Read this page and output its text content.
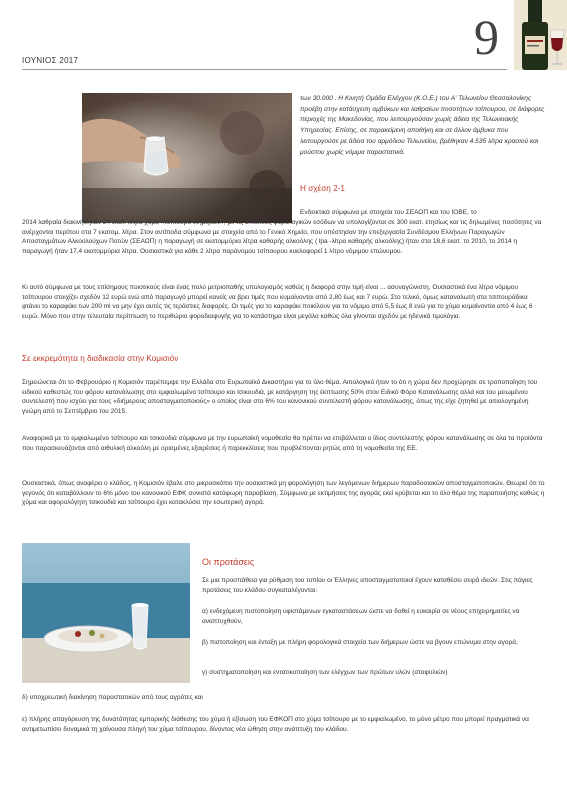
ΙΟΥΝΙΟΣ 2017	9
των 30.000 . Η Κινητή Ομάδα Ελέγχου (Κ.Ο.Ε.) του Α' Τελωνείου Θεσσαλονίκης προέβη στην κατάσχεση αμβύκων και λαθραίων ποσοτήτων τσίπουρου, σε διάφορες περιοχές της Μακεδονίας, που λειτουργούσαν χωρίς άδεια της Τελωνειακής Υπηρεσίας. Επίσης, σε παρακείμενη αποθήκη και σε άλλον άμβυκα που λειτουργούσε με άδεια του αρμόδιου Τελωνείου, βρέθηκαν 4.535 λίτρα κρασιού και μούστου χωρίς νόμιμα παραστατικά.
Η σχέση 2-1

Ενδεικτικά σύμφωνα με στοιχεία του ΣΕΑΟΠ και του ΙΟΒΕ, το

2014 λαθραία διακινήθηκαν 24 εκατ. λίτρα χύμα «τσίπουρο διημέρων», με τις απώλειες φορολογικών εσόδων να υπολογίζονται σε 300 εκατ. ετησίως και τις δηλωμένες ποσότητες να ανέρχονται περίπου στα 7 εκατομ. λίτρα. Στον αντίποδα σύμφωνα με στοιχεία από το Γενικό Χημείο, που υπέστησαν την επεξεργασία Συνδέσμου Ελλήνων Παραγωγών Αποσταγμάτων Αλκοολούχων Ποτών (ΣΕΑΟΠ) η παραγωγή σε εκατομμύρια λίτρα καθαρής αλκοόλης ( lpa -λίτρα καθαρής αλκοόλης) ήταν στα 18,6 εκατ. το 2010, το 2014 η παραγωγή ήταν 17,4 εκατομμύρια λίτρα. Ουσιαστικά για κάθε 2 λίτρα παράνομου τσίπουρου κυκλοφορεί 1 λίτρο νόμιμου επώνυμου.

Κι αυτό σύμφωνα με τους επίσημους ποιοτικούς είναι ένας πολύ μετριοπαθής υπολογισμός καθώς η διαφορά στην τιμή είναι ... ασυναγώνιστη. Ουσιαστικά ένα λίτρο νόμιμου τσίπουρου στοιχίζει σχεδόν 12 ευρώ ενώ από παραγωγό μπορεί κανείς να βρει τιμές που κυμαίνονται από 2,80 έως και 7 ευρώ. Στο τελικό, όμως καταναλωτή στα τσιπουράδικα φτάνει το καραφάκι των 200 ml να μην έχει αυτές τις τεράστιες διαφορές. Οι τιμές για το καραφάκι ποικίλουν για το νόμιμο από 5,5 έως 8 ενώ για το χύμα κυμαίνονται από 4 έως 6 ευρώ. Μόνο που στην τελευταία περίπτωση το περιθώριο φοροδιαφυγής για το κατάστημα είναι μεγάλα καθώς όλα γίνονται σχεδόν με ηδενικά τιμολόγια.

Σε εκκρεμότητα η διαδικασία στην Κομισιόν

Σημειώνεται ότι το Φεβρουάριο η Κομισιόν παρέπεμψε την Ελλάδα στο Ευρωπαϊκό Δικαστήριο για το όλο θέμα. Αιτιολογικό ήταν το ότι η χώρα δεν προχώρησε σε τροποποίηση του ειδικού καθεστώς του φόρου κατανάλωσης στο εμφιαλωμένο τσίπουρο και τσικουδιά, με κατάργηση της έκπτωσης 50% στον Ειδικό Φόρο Κατανάλωσης αλλά και του μειωμένου συντελεστή που ισχύει για τους «διήμερους αποσταγματοποιούς» ο οποίος είναι στο 6% του κανονικού συντελεστή φόρου κατανάλωσης, όπως της είχε ζητηθεί με αιτιολογημένη γνώμη από το Σεπτέμβριο του 2015.

Αναφορικά με το εμφιαλωμένο τσίπουρο και τσικουδιά σύμφωνα με την ευρωπαϊκή νομοθεσία θα πρέπει να επιβάλλεται ο ίδιος συντελεστής φόρου κατανάλωσης σε όλα τα προϊόντα που παρασκευάζονται από αιθυλική αλκοόλη με ορισμένες εξαιρέσεις ή παρεκκλίσεις που προβλέπονται ρητώς από τη νομοθεσία της ΕΕ.

Ουσιαστικά, όπως αναφέρει ο κλάδος, η Κομισιόν έβαλε στο μικροσκόπιο την ουσιαστικά μη φορολόγηση των λεγόμενων διήμερων παραδοσιακών αποσταγματοποιών. Θεωρεί ότι το γεγονός ότι καταβάλλουν το 6% μόνο του κανονικού ΕΦΚ συνιστά κατάφωρη παραβίαση. Σύμφωνα με εκτιμήσεις της αγοράς εκεί κρύβεται και το όλο θέμα της παραποιήσης καθώς η χύμα και αφορολόγητη τσικουδιά και τσίπουρο έχει κατακλύσει την εσωτερική αγορά.

Οι προτάσεις

Σε μια προσπάθεια για ρύθμιση του τοπίου οι Έλληνες αποσταγματοποιοί έχουν καταθέσει σειρά ιδεών. Στις πάγιες προτάσεις του κλάδου συγκαταλέγονται:

α) ενδεχόμενη πιστοποίηση υφιστάμενων εγκαταστάσεων ώστε να δοθεί η ευκαιρία σε νέους επιχειρηματίες να αναπτυχθούν,

β) πιστοποίηση και ένταξη με πλήρη φορολογικά στοιχεία των διήμερων ώστε να βγουν επώνυμα στην αγορά,

γ) συστηματοποίηση και εντατικοποίηση των ελέγχων των πρώτων υλών (σταφυλιών)

δ) υποχρεωτική διακίνηση παραστατικών από τους αγρότες και

ε) πλήρης απαγόρευση της δυνατότητας εμπορικής διάθεσης του χύμα ή εξίσωση του ΕΦΚΟΠ στο χύμα τσίπουρο με το εμφιαλωμένο, το μόνο μέτρο που μπορεί πραγματικά να αντιμετωπίσει δυναμικά τη χαίνουσα πληγή του χύμα τσίπουρου, δίνοντας νέα ώθηση στην ανάπτυξη του κλάδου.
